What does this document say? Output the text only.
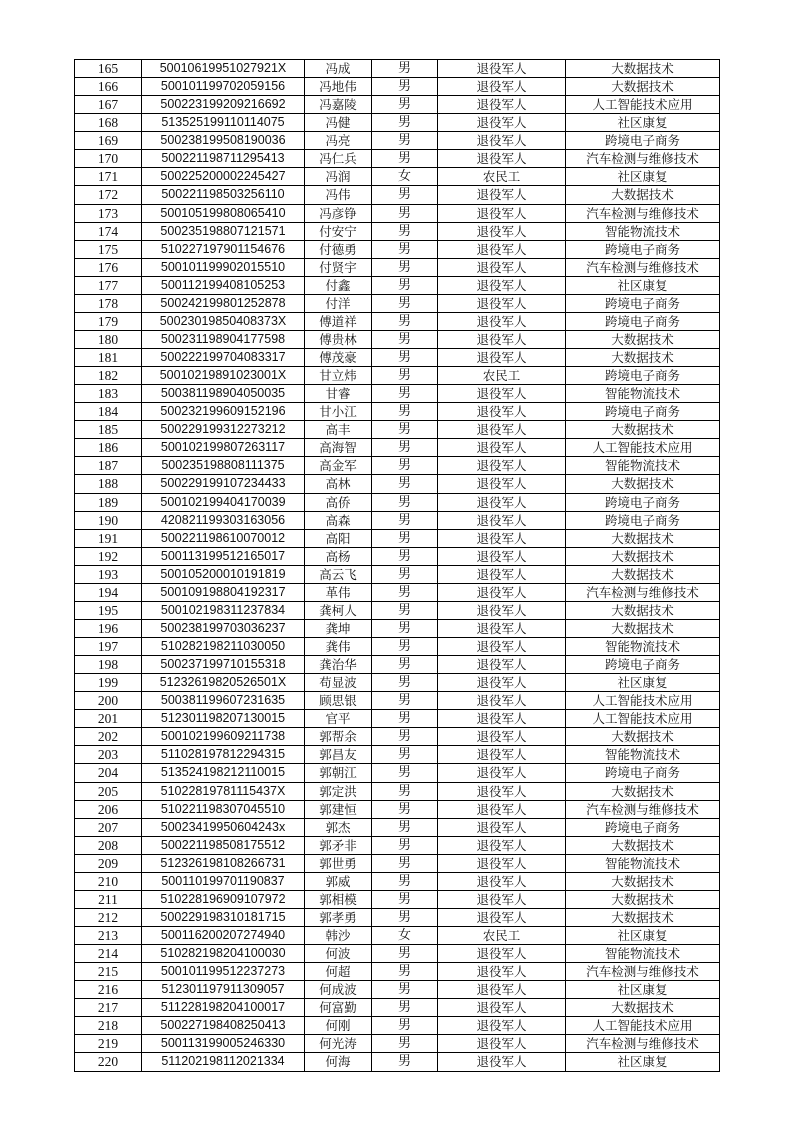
165	50010619951027921X	冯成	男	退役军人	大数据技术
166	500101199702059156	冯地伟	男	退役军人	大数据技术
167	500223199209216692	冯嘉陵	男	退役军人	人工智能技术应用
168	513525199110114075	冯健	男	退役军人	社区康复
169	500238199508190036	冯亮	男	退役军人	跨境电子商务
170	500221198711295413	冯仁兵	男	退役军人	汽车检测与维修技术
171	500225200002245427	冯润	女	农民工	社区康复
172	500221198503256110	冯伟	男	退役军人	大数据技术
173	500105199808065410	冯彦铮	男	退役军人	汽车检测与维修技术
174	500235198807121571	付安宁	男	退役军人	智能物流技术
175	510227197901154676	付德勇	男	退役军人	跨境电子商务
176	500101199902015510	付贤宇	男	退役军人	汽车检测与维修技术
177	500112199408105253	付鑫	男	退役军人	社区康复
178	500242199801252878	付洋	男	退役军人	跨境电子商务
179	50023019850408373X	傅道祥	男	退役军人	跨境电子商务
180	500231198904177598	傅贵林	男	退役军人	大数据技术
181	500222199704083317	傅茂豪	男	退役军人	大数据技术
182	50010219891023001X	甘立炜	男	农民工	跨境电子商务
183	500381198904050035	甘睿	男	退役军人	智能物流技术
184	500232199609152196	甘小江	男	退役军人	跨境电子商务
185	500229199312273212	高丰	男	退役军人	大数据技术
186	500102199807263117	高海智	男	退役军人	人工智能技术应用
187	500235198808111375	高金军	男	退役军人	智能物流技术
188	500229199107234433	高林	男	退役军人	大数据技术
189	500102199404170039	高侨	男	退役军人	跨境电子商务
190	420821199303163056	高森	男	退役军人	跨境电子商务
191	500221198610070012	高阳	男	退役军人	大数据技术
192	500113199512165017	高杨	男	退役军人	大数据技术
193	500105200010191819	高云飞	男	退役军人	大数据技术
194	500109198804192317	革伟	男	退役军人	汽车检测与维修技术
195	500102198311237834	龚柯人	男	退役军人	大数据技术
196	500238199703036237	龚坤	男	退役军人	大数据技术
197	510282198211030050	龚伟	男	退役军人	智能物流技术
198	500237199710155318	龚治华	男	退役军人	跨境电子商务
199	51232619820526501X	苟显波	男	退役军人	社区康复
200	500381199607231635	顾思银	男	退役军人	人工智能技术应用
201	512301198207130015	官平	男	退役军人	人工智能技术应用
202	500102199609211738	郭帮余	男	退役军人	大数据技术
203	511028197812294315	郭昌友	男	退役军人	智能物流技术
204	513524198212110015	郭朝江	男	退役军人	跨境电子商务
205	51022819781115437X	郭定洪	男	退役军人	大数据技术
206	510221198307045510	郭建恒	男	退役军人	汽车检测与维修技术
207	50023419950604243x	郭杰	男	退役军人	跨境电子商务
208	500221198508175512	郭矛非	男	退役军人	大数据技术
209	512326198108266731	郭世勇	男	退役军人	智能物流技术
210	500110199701190837	郭威	男	退役军人	大数据技术
211	510228196909107972	郭相模	男	退役军人	大数据技术
212	500229198310181715	郭孝勇	男	退役军人	大数据技术
213	500116200207274940	韩沙	女	农民工	社区康复
214	510282198204100030	何波	男	退役军人	智能物流技术
215	500101199512237273	何超	男	退役军人	汽车检测与维修技术
216	512301197911309057	何成波	男	退役军人	社区康复
217	511228198204100017	何富勤	男	退役军人	大数据技术
218	500227198408250413	何刚	男	退役军人	人工智能技术应用
219	500113199005246330	何光涛	男	退役军人	汽车检测与维修技术
220	511202198112021334	何海	男	退役军人	社区康复
